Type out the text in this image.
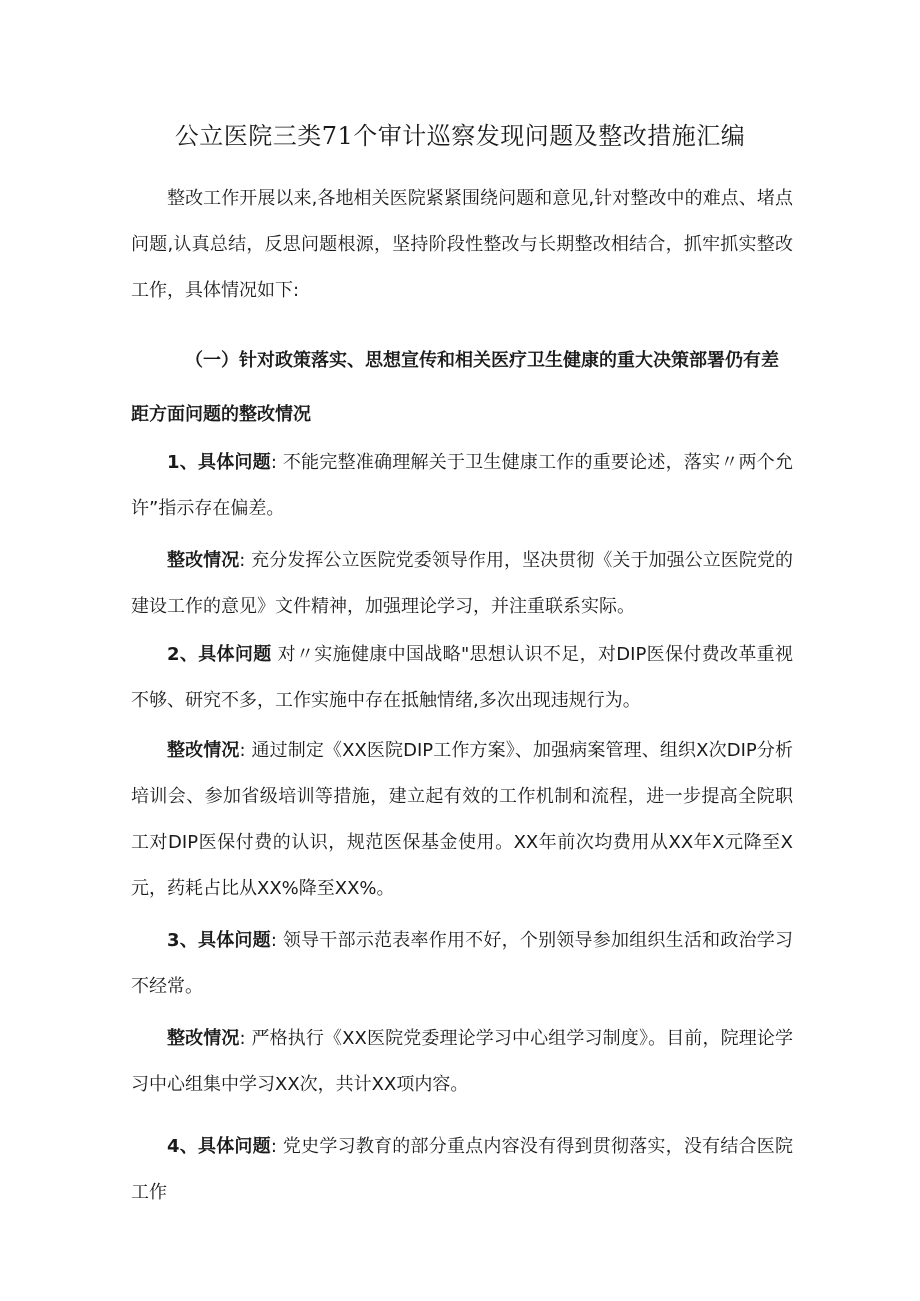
公立医院三类71个审计巡察发现问题及整改措施汇编

整改工作开展以来,各地相关医院紧紧围绕问题和意见,针对整改中的难点、堵点问题,认真总结，反思问题根源，坚持阶段性整改与长期整改相结合，抓牢抓实整改工作，具体情况如下:

（一）针对政策落实、思想宣传和相关医疗卫生健康的重大决策部署仍有差距方面问题的整改情况

1、具体问题: 不能完整准确理解关于卫生健康工作的重要论述，落实〃两个允许”指示存在偏差。

整改情况: 充分发挥公立医院党委领导作用，坚决贯彻《关于加强公立医院党的建设工作的意见》文件精神，加强理论学习，并注重联系实际。

2、具体问题 对〃实施健康中国战略"思想认识不足，对DIP医保付费改革重视不够、研究不多，工作实施中存在抵触情绪,多次出现违规行为。

整改情况: 通过制定《XX医院DIP工作方案》、加强病案管理、组织X次DIP分析培训会、参加省级培训等措施，建立起有效的工作机制和流程，进一步提高全院职工对DIP医保付费的认识，规范医保基金使用。XX年前次均费用从XX年X元降至X元，药耗占比从XX%降至XX%。

3、具体问题: 领导干部示范表率作用不好，个别领导参加组织生活和政治学习不经常。

整改情况: 严格执行《XX医院党委理论学习中心组学习制度》。目前，院理论学习中心组集中学习XX次，共计XX项内容。

4、具体问题: 党史学习教育的部分重点内容没有得到贯彻落实，没有结合医院工作
